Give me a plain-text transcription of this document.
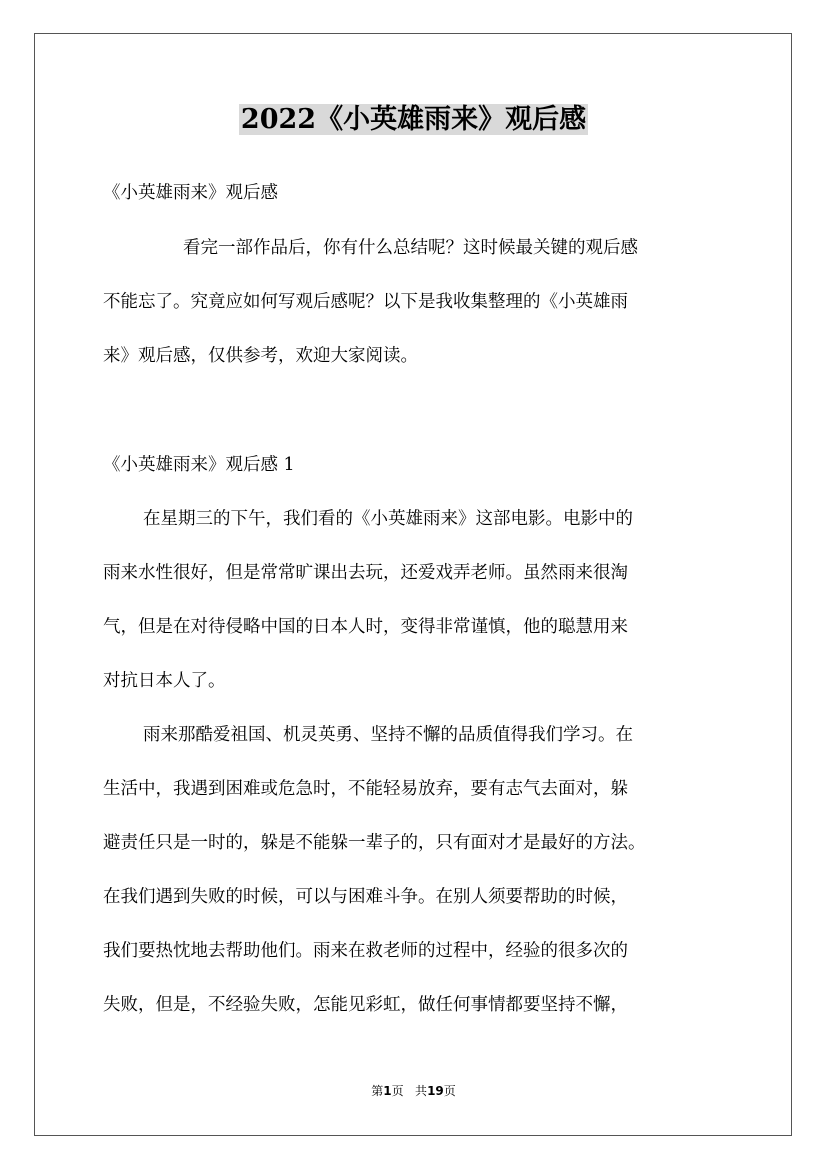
2022《小英雄雨来》观后感

《小英雄雨来》观后感

看完一部作品后，你有什么总结呢？这时候最关键的观后感

不能忘了。究竟应如何写观后感呢？以下是我收集整理的《小英雄雨

来》观后感，仅供参考，欢迎大家阅读。

《小英雄雨来》观后感 1

在星期三的下午，我们看的《小英雄雨来》这部电影。电影中的

雨来水性很好，但是常常旷课出去玩，还爱戏弄老师。虽然雨来很淘

气，但是在对待侵略中国的日本人时，变得非常谨慎，他的聪慧用来

对抗日本人了。

雨来那酷爱祖国、机灵英勇、坚持不懈的品质值得我们学习。在

生活中，我遇到困难或危急时，不能轻易放弃，要有志气去面对，躲

避责任只是一时的，躲是不能躲一辈子的，只有面对才是最好的方法。

在我们遇到失败的时候，可以与困难斗争。在别人须要帮助的时候，

我们要热忱地去帮助他们。雨来在救老师的过程中，经验的很多次的

失败，但是，不经验失败，怎能见彩虹，做任何事情都要坚持不懈，

第1页 共19页
